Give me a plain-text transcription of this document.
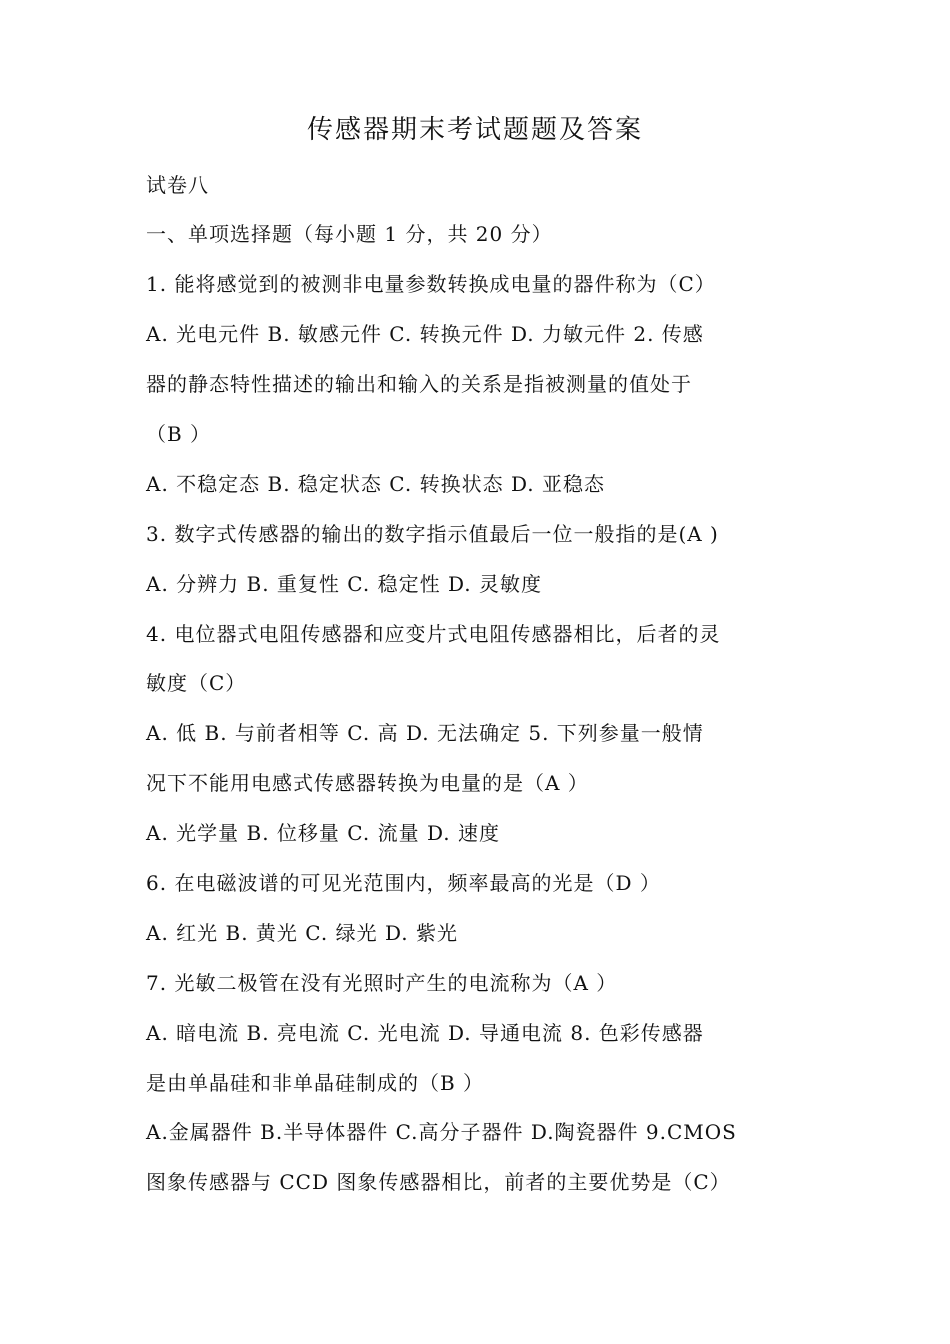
传感器期末考试题题及答案
试卷八
一、单项选择题（每小题 1 分，共 20 分）
1. 能将感觉到的被测非电量参数转换成电量的器件称为（C）
A. 光电元件 B. 敏感元件 C. 转换元件 D. 力敏元件 2. 传感
器的静态特性描述的输出和输入的关系是指被测量的值处于
（B ）
A. 不稳定态 B. 稳定状态 C. 转换状态 D. 亚稳态
3. 数字式传感器的输出的数字指示值最后一位一般指的是(A )
A. 分辨力 B. 重复性 C. 稳定性 D. 灵敏度
4. 电位器式电阻传感器和应变片式电阻传感器相比，后者的灵
敏度（C）
A. 低 B. 与前者相等 C. 高 D. 无法确定 5. 下列参量一般情
况下不能用电感式传感器转换为电量的是（A ）
A. 光学量 B. 位移量 C. 流量 D. 速度
6. 在电磁波谱的可见光范围内，频率最高的光是（D ）
A. 红光 B. 黄光 C. 绿光 D. 紫光
7. 光敏二极管在没有光照时产生的电流称为（A ）
A. 暗电流 B. 亮电流 C. 光电流 D. 导通电流 8. 色彩传感器
是由单晶硅和非单晶硅制成的（B ）
A.金属器件 B.半导体器件 C.高分子器件 D.陶瓷器件 9.CMOS
图象传感器与 CCD 图象传感器相比，前者的主要优势是（C）
